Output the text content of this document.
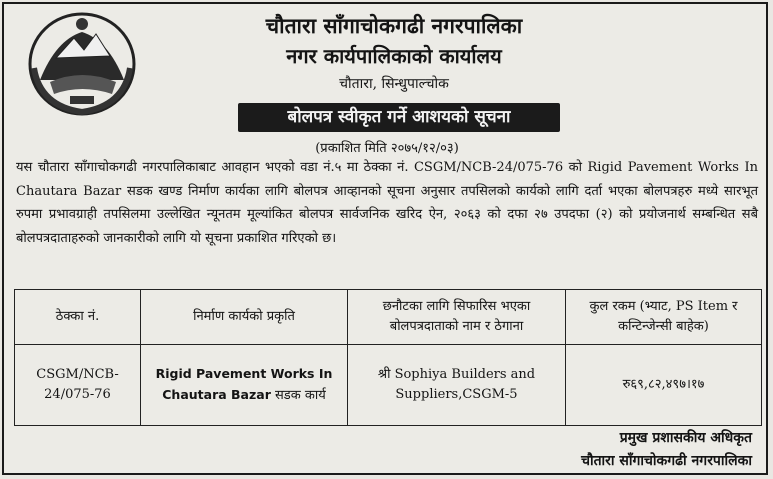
चौतारा साँगाचोकगढी नगरपालिका
नगर कार्यपालिकाको कार्यालय
चौतारा, सिन्धुपाल्चोक
बोलपत्र स्वीकृत गर्ने आशयको सूचना
(प्रकाशित मिति २०७५/१२/०३)
यस चौतारा साँगाचोकगढी नगरपालिकाबाट आवहान भएको वडा नं.५ मा ठेक्का नं. CSGM/NCB-24/075-76 को Rigid Pavement Works In Chautara Bazar सडक खण्ड निर्माण कार्यका लागि बोलपत्र आव्हानको सूचना अनुसार तपसिलको कार्यको लागि दर्ता भएका बोलपत्रहरु मध्ये सारभूत रुपमा प्रभावग्राही तपसिलमा उल्लेखित न्यूनतम मूल्यांकित बोलपत्र सार्वजनिक खरिद ऐन, २०६३ को दफा २७ उपदफा (२) को प्रयोजनार्थ सम्बन्धित सबै बोलपत्रदाताहरुको जानकारीको लागि यो सूचना प्रकाशित गरिएको छ।
ठेक्का नं.	निर्माण कार्यको प्रकृति	छनौटका लागि सिफारिस भएका बोलपत्रदाताको नाम र ठेगाना	कुल रकम (भ्याट, PS Item र कन्टिन्जेन्सी बाहेक)
CSGM/NCB-24/075-76	Rigid Pavement Works In Chautara Bazar सडक कार्य	श्री Sophiya Builders and Suppliers,CSGM-5	रु६९,८२,४९७।१७
प्रमुख प्रशासकीय अधिकृत
चौतारा साँगाचोकगढी नगरपालिका
